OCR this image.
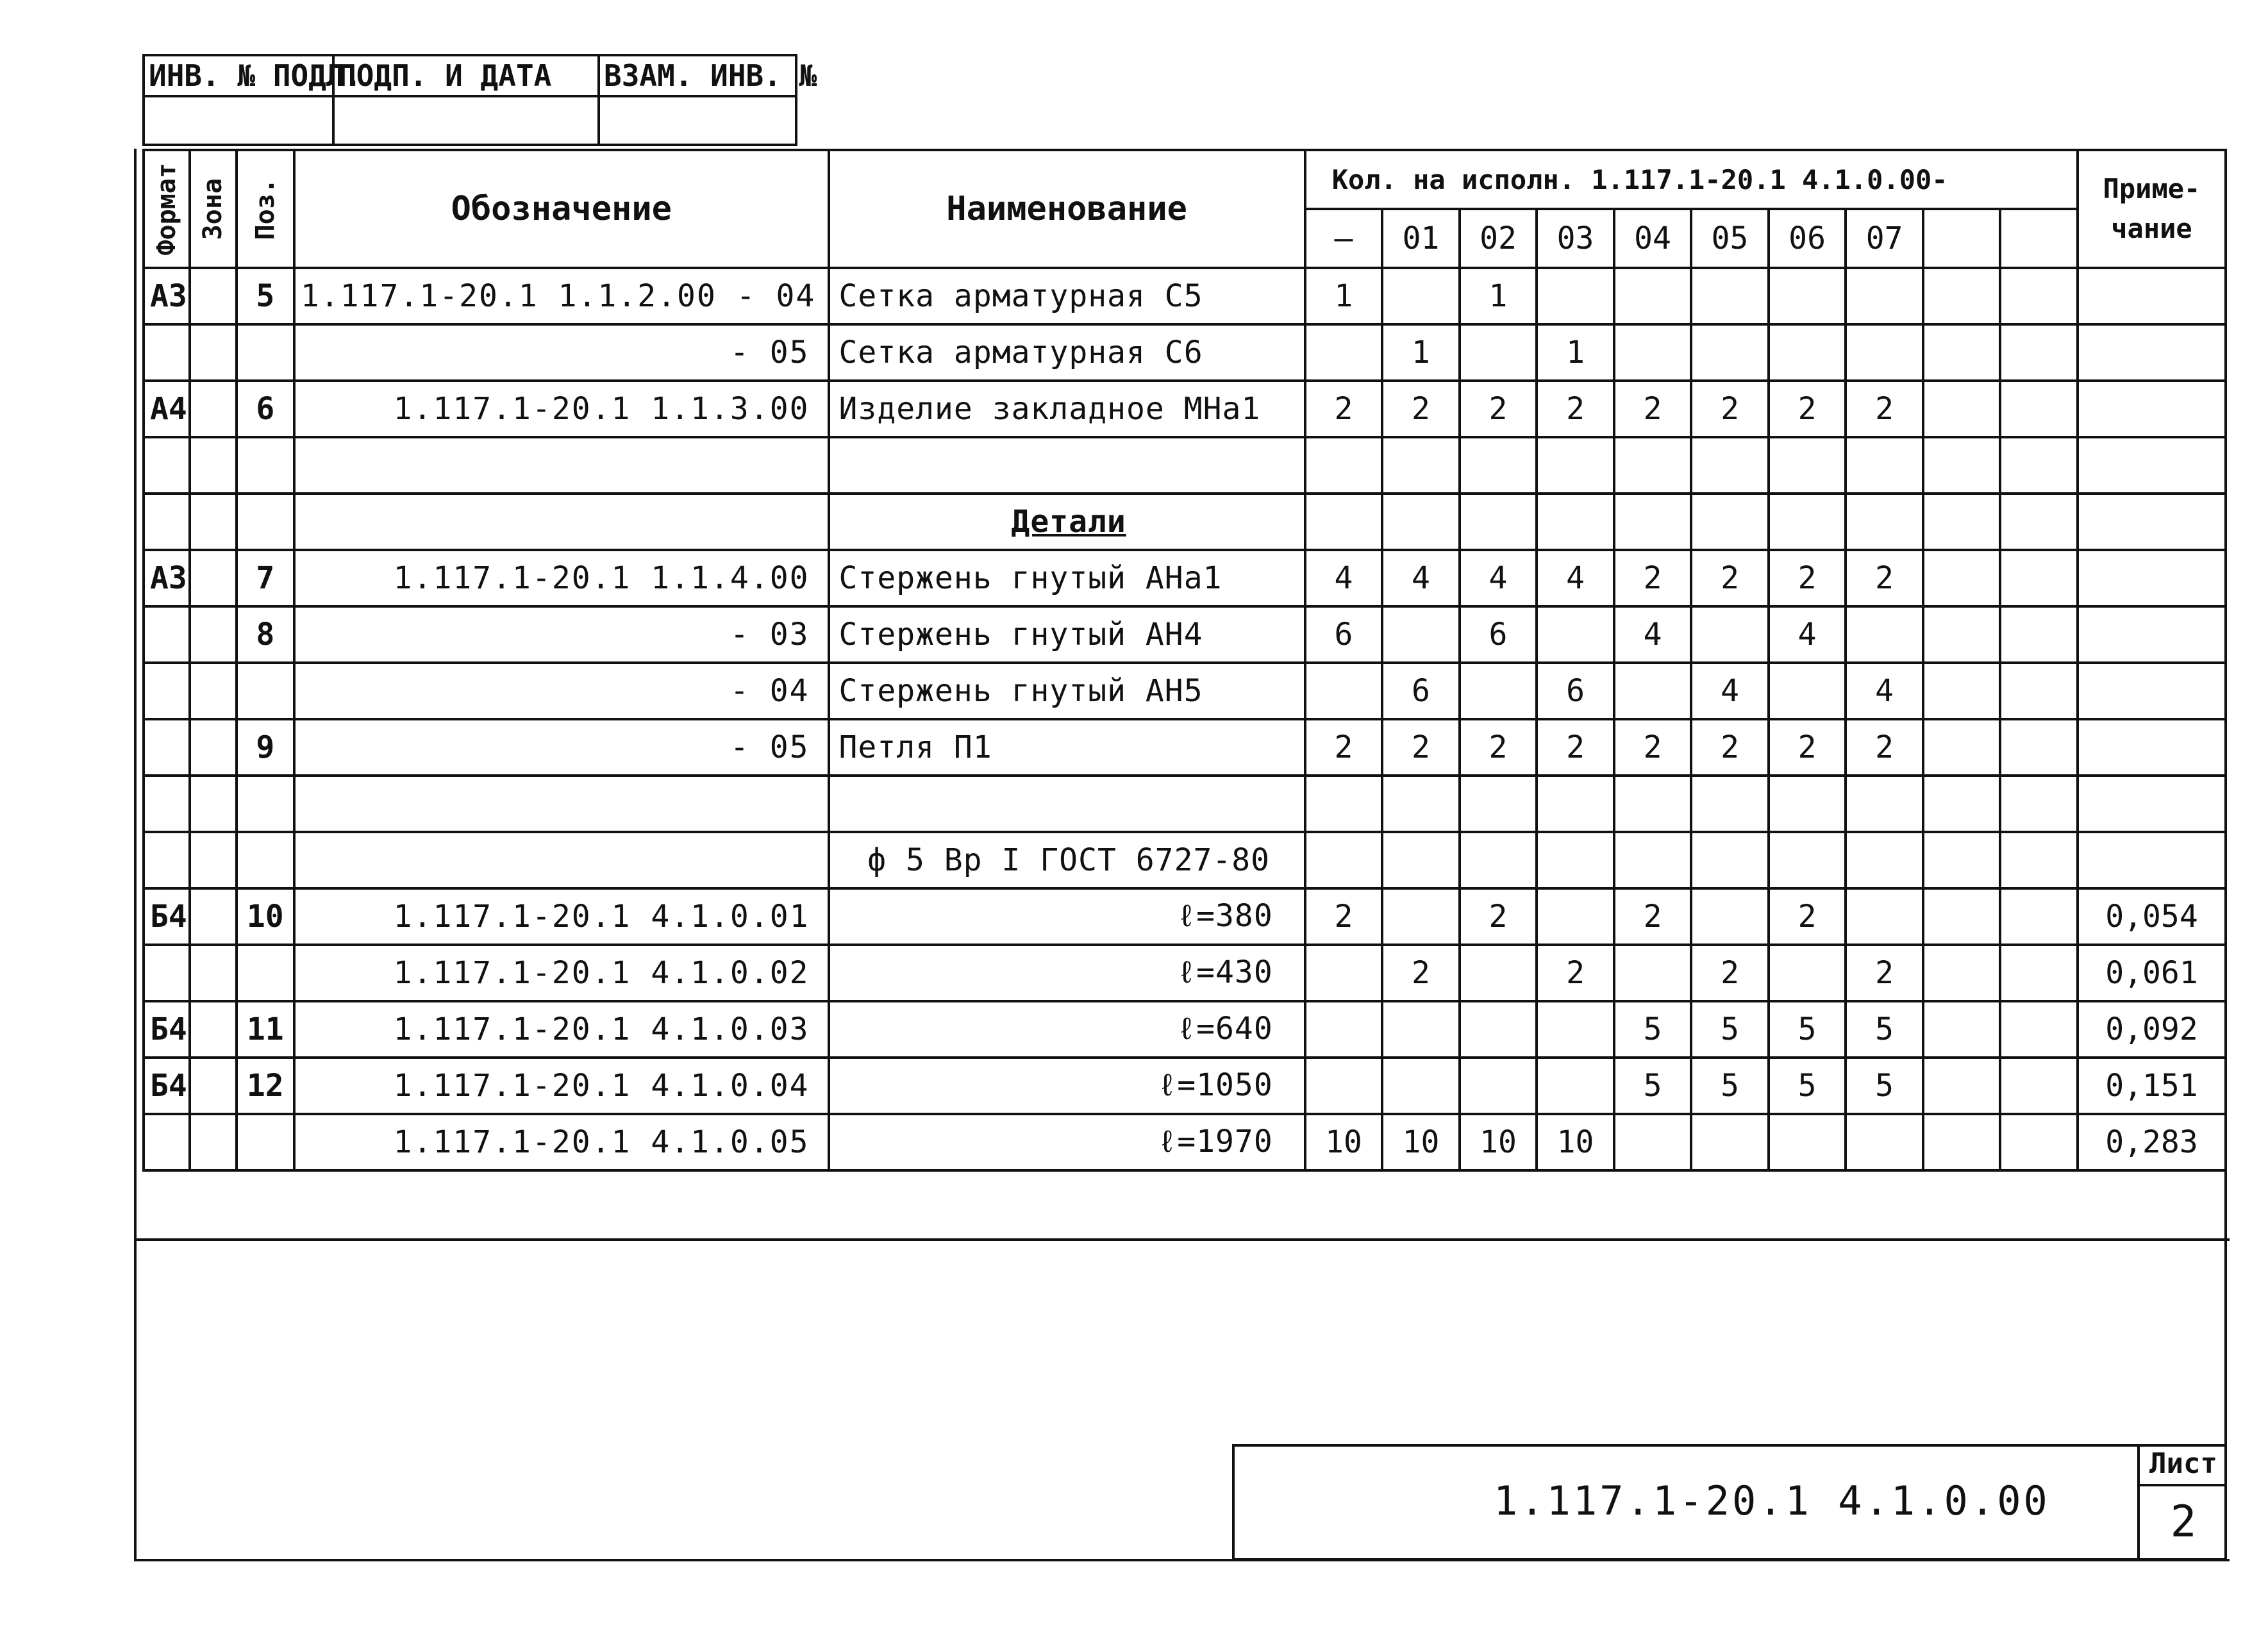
ИНВ. № ПОДЛ.	ПОДП. И ДАТА	ВЗАМ. ИНВ. №

Формат	Зона	Поз.	Обозначение	Наименование	Кол. на исполн. 1.117.1-20.1 4.1.0.00-										Приме-чание
					—	01	02	03	04	05	06	07			
А3		5	1.117.1-20.1 1.1.2.00 - 04	Сетка арматурная С5	1		1								
			- 05	Сетка арматурная С6		1		1							
А4		6	1.117.1-20.1 1.1.3.00	Изделие закладное МНа1	2	2	2	2	2	2	2	2			

				Детали											
А3		7	1.117.1-20.1 1.1.4.00	Стержень гнутый АНа1	4	4	4	4	2	2	2	2			
		8	- 03	Стержень гнутый АН4	6		6		4		4				
			- 04	Стержень гнутый АН5		6		6		4		4			
		9	- 05	Петля П1	2	2	2	2	2	2	2	2			

				ф 5 Вр I ГОСТ 6727-80											
Б4		10	1.117.1-20.1 4.1.0.01	ℓ=380	2		2		2		2				0,054
			1.117.1-20.1 4.1.0.02	ℓ=430		2		2		2		2			0,061
Б4		11	1.117.1-20.1 4.1.0.03	ℓ=640					5	5	5	5			0,092
Б4		12	1.117.1-20.1 4.1.0.04	ℓ=1050					5	5	5	5			0,151
			1.117.1-20.1 4.1.0.05	ℓ=1970	10	10	10	10							0,283
1.117.1-20.1 4.1.0.00
Лист
2
